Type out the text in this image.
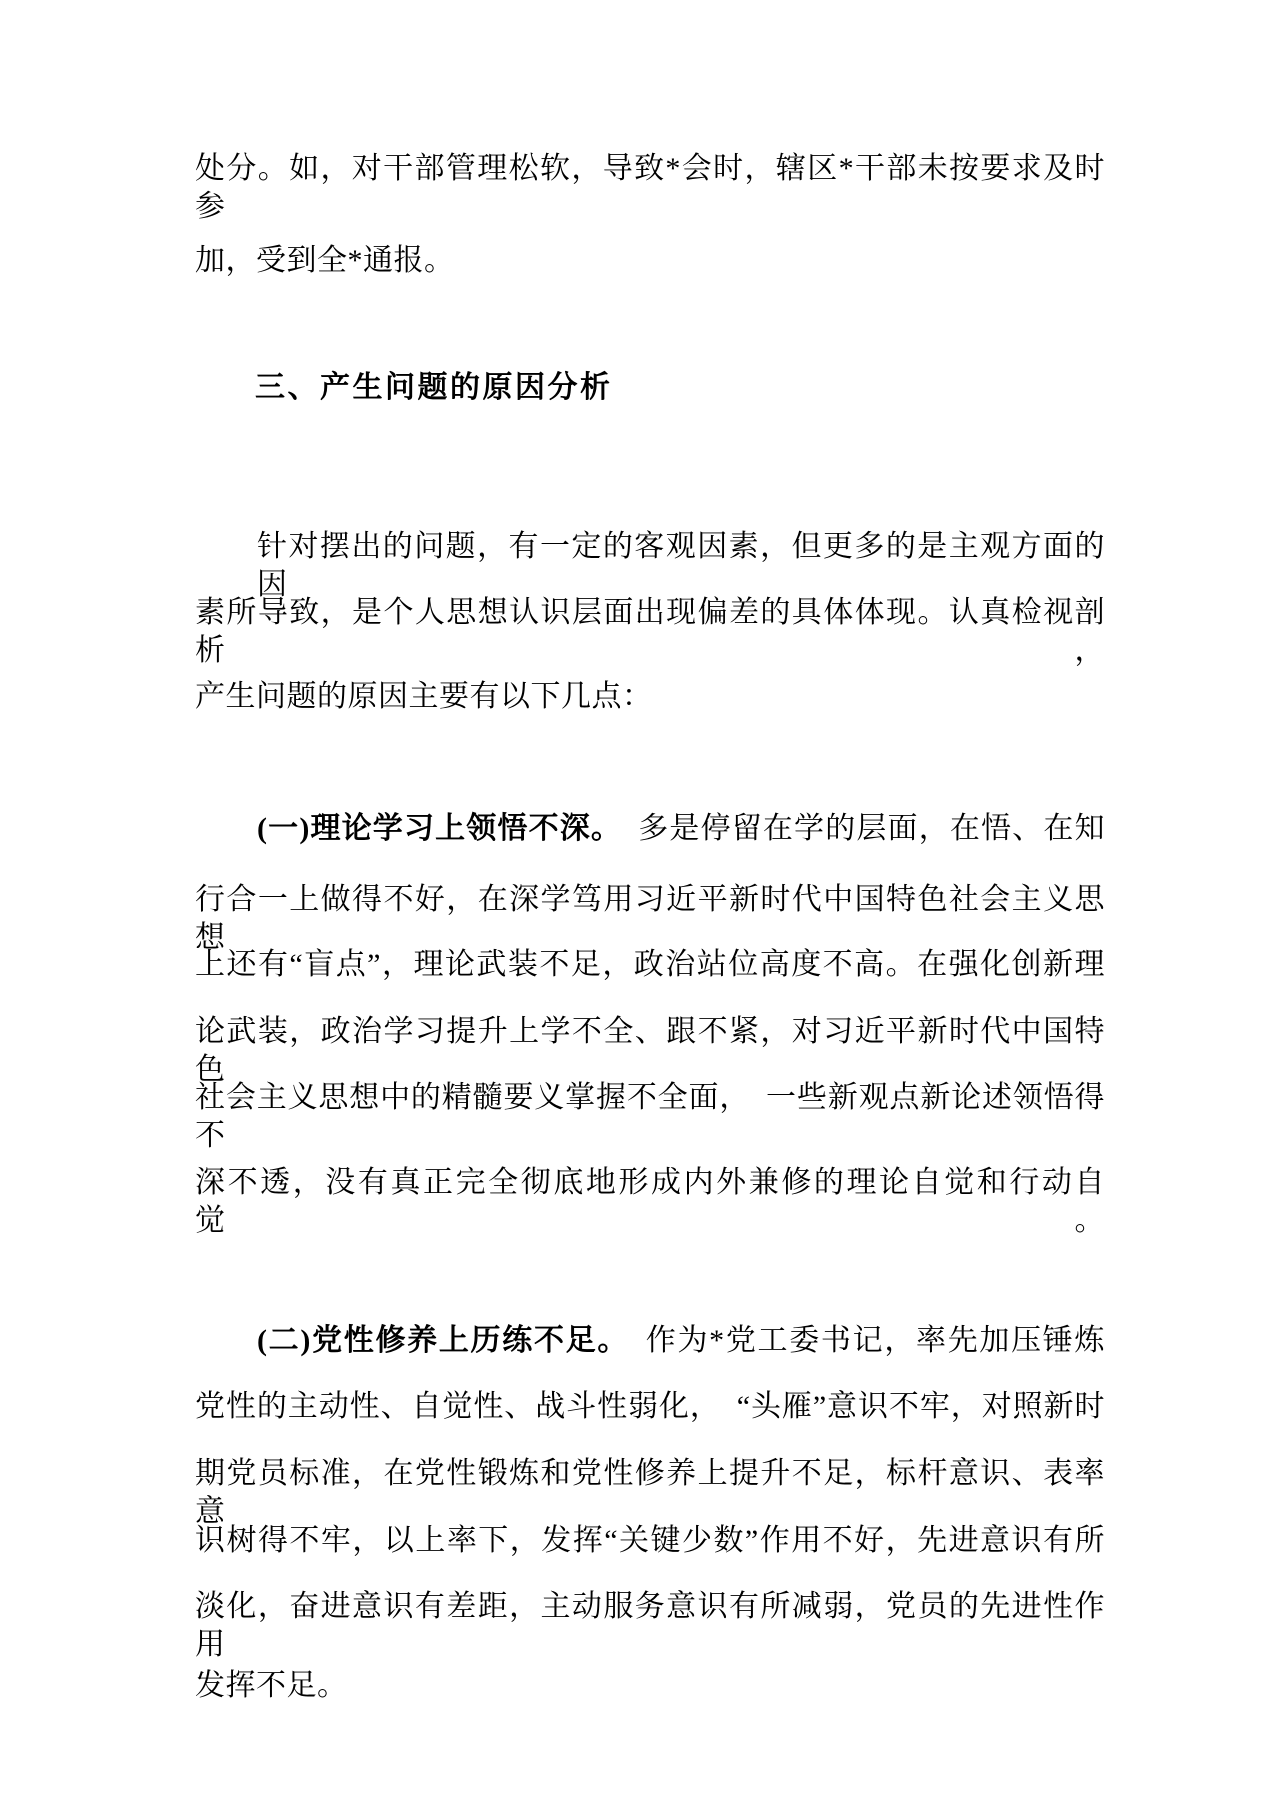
处分。如，对干部管理松软，导致*会时，辖区*干部未按要求及时参
加，受到全*通报。
三、产生问题的原因分析
针对摆出的问题，有一定的客观因素，但更多的是主观方面的因
素所导致，是个人思想认识层面出现偏差的具体体现。认真检视剖析，
产生问题的原因主要有以下几点：
(一)理论学习上领悟不深。　多是停留在学的层面，在悟、在知
行合一上做得不好，在深学笃用习近平新时代中国特色社会主义思想
上还有“盲点”，理论武装不足，政治站位高度不高。在强化创新理
论武装，政治学习提升上学不全、跟不紧，对习近平新时代中国特色
社会主义思想中的精髓要义掌握不全面，　一些新观点新论述领悟得不
深不透，没有真正完全彻底地形成内外兼修的理论自觉和行动自觉。
(二)党性修养上历练不足。　作为*党工委书记，率先加压锤炼
党性的主动性、自觉性、战斗性弱化，　“头雁”意识不牢，对照新时
期党员标准，在党性锻炼和党性修养上提升不足，标杆意识、表率意
识树得不牢，以上率下，发挥“关键少数”作用不好，先进意识有所
淡化，奋进意识有差距，主动服务意识有所减弱，党员的先进性作用
发挥不足。
